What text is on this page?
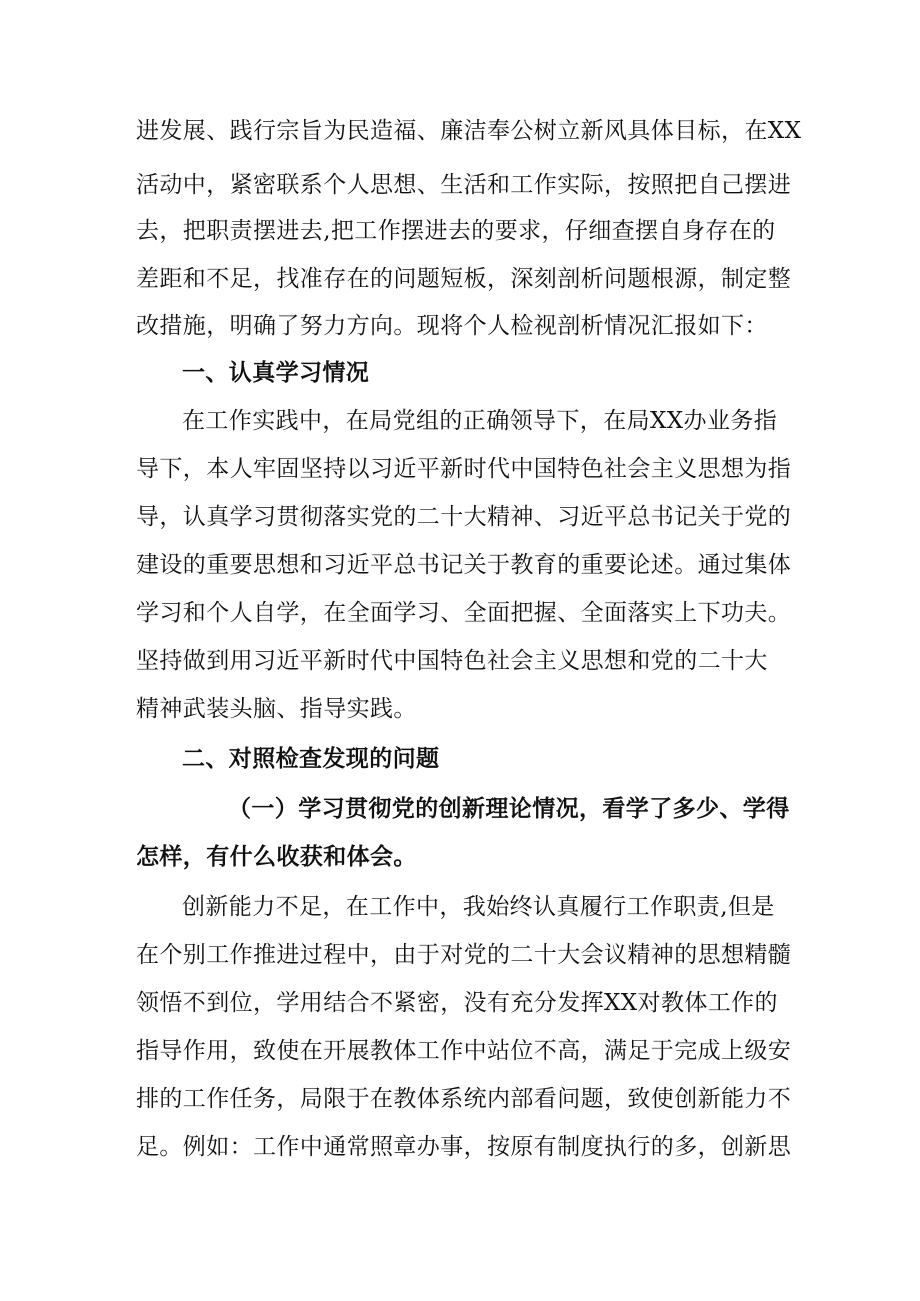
进发展、践行宗旨为民造福、廉洁奉公树立新风具体目标，在XX
活动中，紧密联系个人思想、生活和工作实际，按照把自己摆进
去，把职责摆进去,把工作摆进去的要求，仔细查摆自身存在的
差距和不足，找准存在的问题短板，深刻剖析问题根源，制定整
改措施，明确了努力方向。现将个人检视剖析情况汇报如下：
一、认真学习情况
在工作实践中，在局党组的正确领导下，在局XX办业务指
导下，本人牢固坚持以习近平新时代中国特色社会主义思想为指
导，认真学习贯彻落实党的二十大精神、习近平总书记关于党的
建设的重要思想和习近平总书记关于教育的重要论述。通过集体
学习和个人自学，在全面学习、全面把握、全面落实上下功夫。
坚持做到用习近平新时代中国特色社会主义思想和党的二十大
精神武装头脑、指导实践。
二、对照检查发现的问题
（一）学习贯彻党的创新理论情况，看学了多少、学得
怎样，有什么收获和体会。
创新能力不足，在工作中，我始终认真履行工作职责,但是
在个别工作推进过程中，由于对党的二十大会议精神的思想精髓
领悟不到位，学用结合不紧密，没有充分发挥XX对教体工作的
指导作用，致使在开展教体工作中站位不高，满足于完成上级安
排的工作任务，局限于在教体系统内部看问题，致使创新能力不
足。例如：工作中通常照章办事，按原有制度执行的多，创新思
